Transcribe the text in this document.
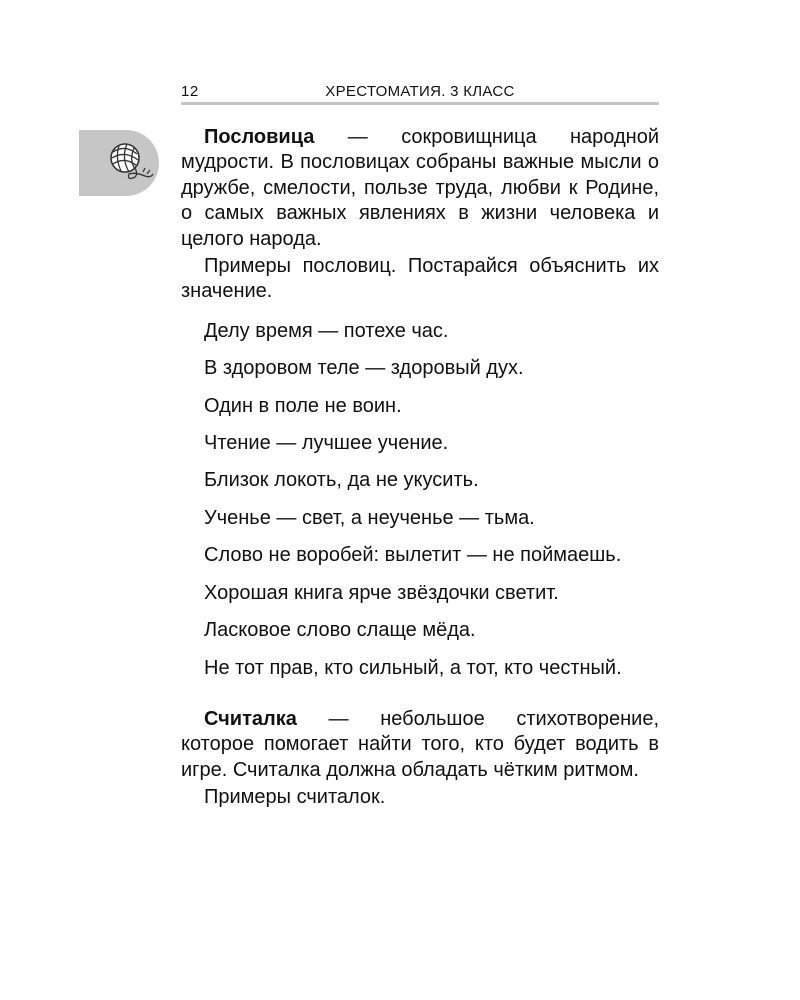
12	ХРЕСТОМАТИЯ. 3 КЛАСС

Пословица — сокровищница народной мудрости. В пословицах собраны важные мысли о дружбе, смелости, пользе труда, любви к Родине, о самых важных явлениях в жизни человека и целого народа.

Примеры пословиц. Постарайся объяснить их значение.

Делу время — потехе час.

В здоровом теле — здоровый дух.

Один в поле не воин.

Чтение — лучшее учение.

Близок локоть, да не укусить.

Ученье — свет, а неученье — тьма.

Слово не воробей: вылетит — не поймаешь.

Хорошая книга ярче звёздочки светит.

Ласковое слово слаще мёда.

Не тот прав, кто сильный, а тот, кто честный.

Считалка — небольшое стихотворение, которое помогает найти того, кто будет водить в игре. Считалка должна обладать чётким ритмом.

Примеры считалок.
